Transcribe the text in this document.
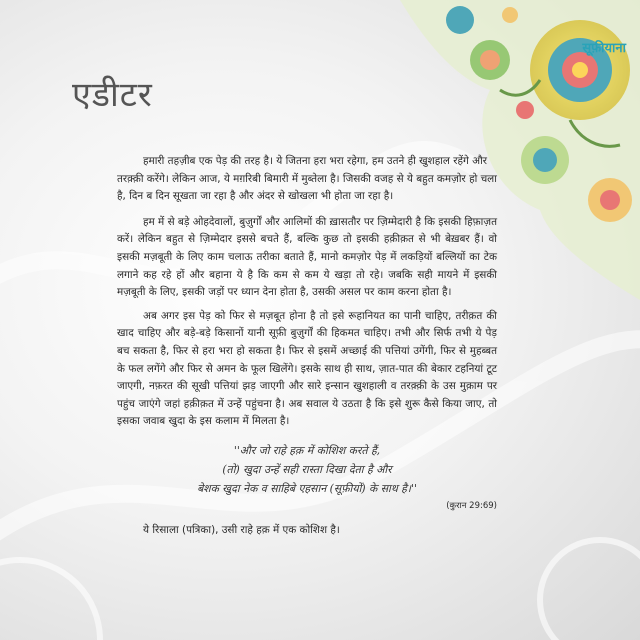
सूफ़ीयाना
एडीटर

हमारी तहज़ीब एक पेड़ की तरह है। ये जितना हरा भरा रहेगा, हम उतने ही खुशहाल रहेंगे और तरक़्क़ी करेंगे। लेकिन आज, ये मग़रिबी बिमारी में मुब्तेला है। जिसकी वजह से ये बहुत कमज़ोर हो चला है, दिन ब दिन सूखता जा रहा है और अंदर से खोखला भी होता जा रहा है।

हम में से बड़े ओहदेवालों, बुज़ुर्गों और आलिमों की ख़ासतौर पर ज़िम्मेदारी है कि इसकी हिफ़ाज़त करें। लेकिन बहुत से ज़िम्मेदार इससे बचते हैं, बल्कि कुछ तो इसकी हक़ीक़त से भी बेख़बर हैं। वो इसकी मज़बूती के लिए काम चलाऊ तरीका बताते हैं, मानो कमज़ोर पेड़ में लकड़ियों बल्लियों का टेक लगाने कह रहे हों और बहाना ये है कि कम से कम ये खड़ा तो रहे। जबकि सही मायने में इसकी मज़बूती के लिए, इसकी जड़ों पर ध्यान देना होता है, उसकी असल पर काम करना होता है।

अब अगर इस पेड़ को फिर से मज़बूत होना है तो इसे रूहानियत का पानी चाहिए, तरीक़त की खाद चाहिए और बड़े-बड़े किसानों यानी सूफ़ी बुज़ुर्गों की हिकमत चाहिए। तभी और सिर्फ तभी ये पेड़ बच सकता है, फिर से हरा भरा हो सकता है। फिर से इसमें अच्छाई की पत्तियां उगेंगी, फिर से मुहब्बत के फल लगेंगे और फिर से अमन के फूल खिलेंगे। इसके साथ ही साथ, ज़ात-पात की बेकार टहनियां टूट जाएगी, नफ़रत की सूखी पत्तियां झड़ जाएगी और सारे इन्सान खुशहाली व तरक़्क़ी के उस मुक़ाम पर पहुंच जाएंगे जहां हक़ीक़त में उन्हें पहुंचना है। अब सवाल ये उठता है कि इसे शुरू कैसे किया जाए, तो इसका जवाब खुदा के इस कलाम में मिलता है।

''और जो राहे हक़ में कोशिश करते हैं,
(तो) खुदा उन्हें सही रास्ता दिखा देता है और
बेशक खुदा नेक व साहिबे एहसान (सूफ़ीयों) के साथ है।''
(कुरान 29:69)

ये रिसाला (पत्रिका), उसी राहे हक़ में एक कोशिश है।
